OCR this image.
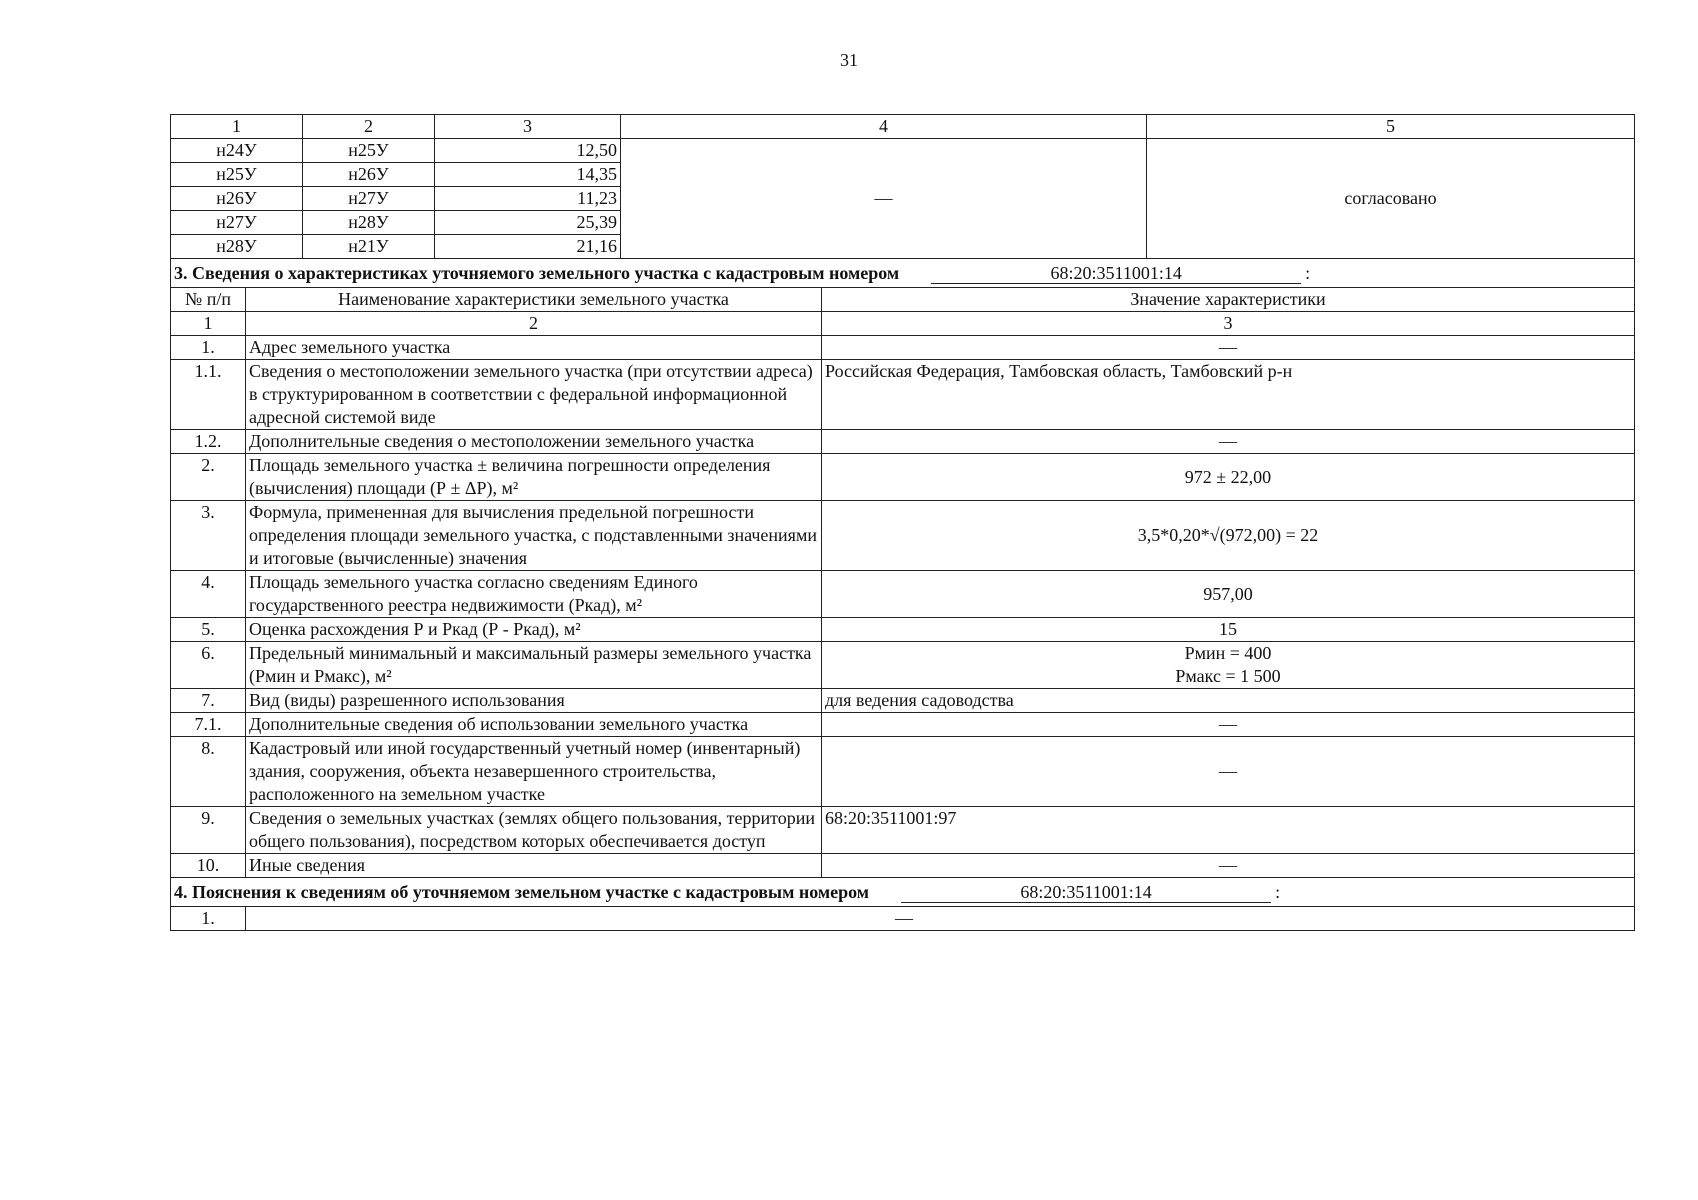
31
1	2	3	4	5
н24У	н25У	12,50	—	согласовано
н25У	н26У	14,35		
н26У	н27У	11,23		
н27У	н28У	25,39		
н28У	н21У	21,16		
3. Сведения о характеристиках уточняемого земельного участка с кадастровым номером 68:20:3511001:14 :		

№ п/п	Наименование характеристики земельного участка	Значение характеристики
1	2	3
1.	Адрес земельного участка	—
1.1.	Сведения о местоположении земельного участка (при отсутствии адреса) в структурированном в соответствии с федеральной информационной адресной системой виде	Российская Федерация, Тамбовская область, Тамбовский р-н
1.2.	Дополнительные сведения о местоположении земельного участка	—
2.	Площадь земельного участка ± величина погрешности определения (вычисления) площади (Р ± ΔР), м²	972 ± 22,00
3.	Формула, примененная для вычисления предельной погрешности определения площади земельного участка, с подставленными значениями и итоговые (вычисленные) значения	3,5*0,20*√(972,00) = 22
4.	Площадь земельного участка согласно сведениям Единого государственного реестра недвижимости (Ркад), м²	957,00
5.	Оценка расхождения Р и Ркад (Р - Ркад), м²	15
6.	Предельный минимальный и максимальный размеры земельного участка (Рмин и Рмакс), м²	Рмин = 400
Рмакс = 1 500

7.	Вид (виды) разрешенного использования	для ведения садоводства
7.1.	Дополнительные сведения об использовании земельного участка	—
8.	Кадастровый или иной государственный учетный номер (инвентарный) здания, сооружения, объекта незавершенного строительства, расположенного на земельном участке	—
9.	Сведения о земельных участках (землях общего пользования, территории общего пользования), посредством которых обеспечивается доступ	68:20:3511001:97
10.	Иные сведения	—

4. Пояснения к сведениям об уточняемом земельном участке с кадастровым номером 68:20:3511001:14 :		

1.	—	
